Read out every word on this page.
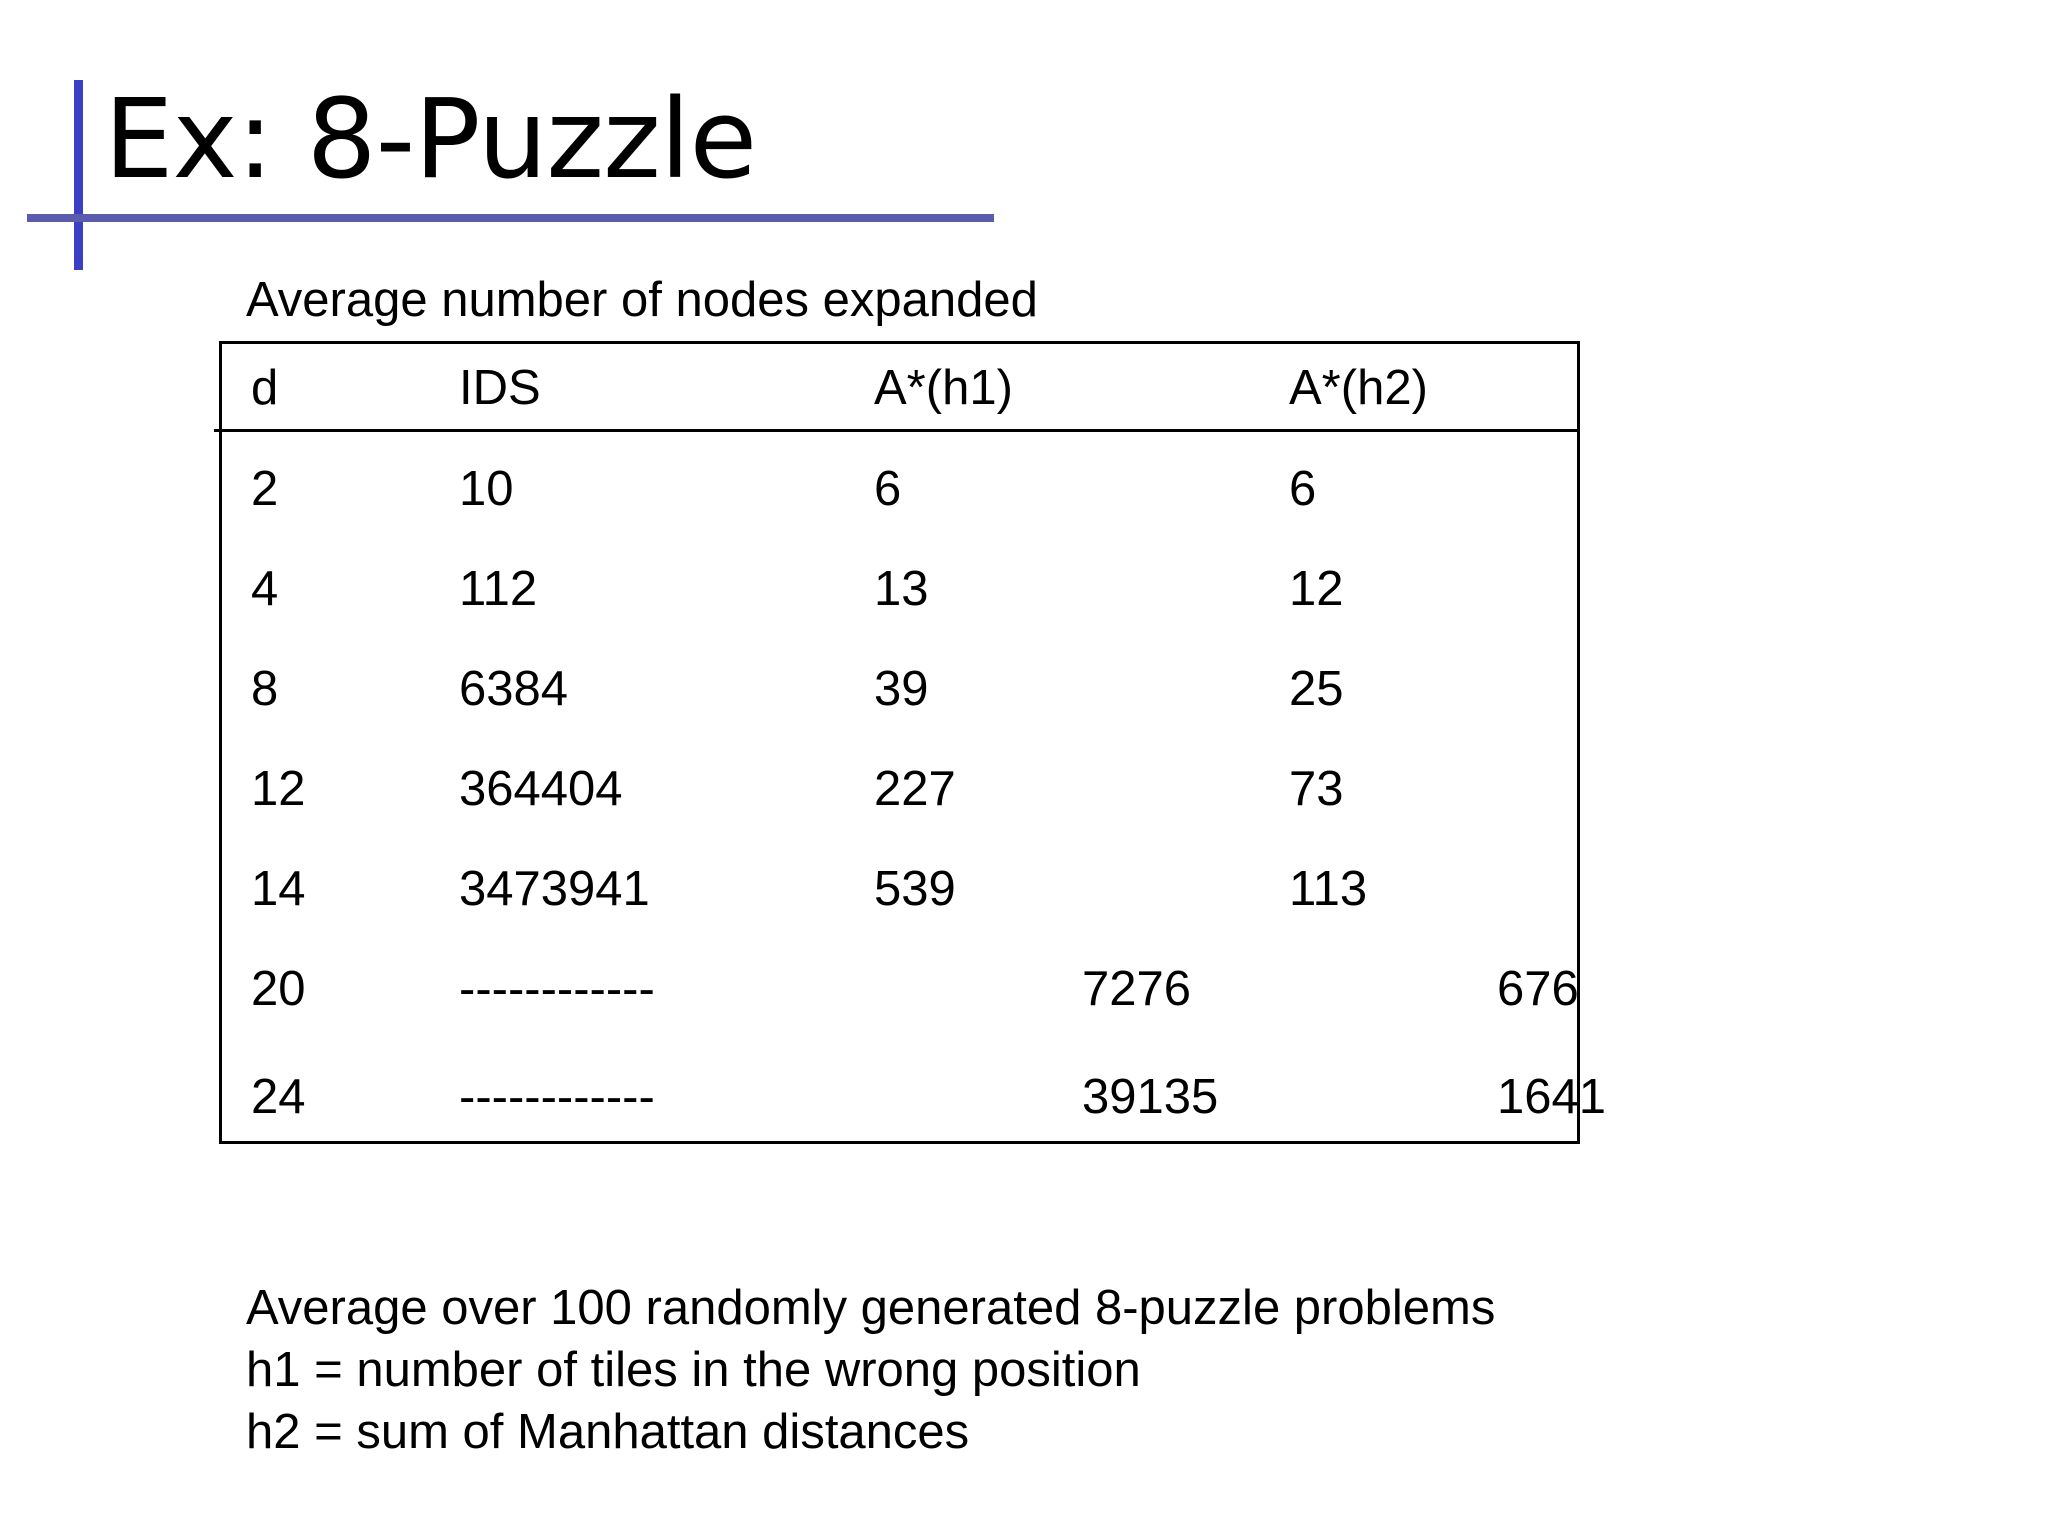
Ex: 8-Puzzle
Average number of nodes expanded
d	IDS	A*(h1)	A*(h2)
2	10	6	6
4	112	13	12
8	6384	39	25
12	364404	227	73
14	3473941	539	113
20	------------	7276	676
24	------------	39135	1641
Average over 100 randomly generated 8-puzzle problems
h1 = number of tiles in the wrong position
h2 = sum of Manhattan distances
